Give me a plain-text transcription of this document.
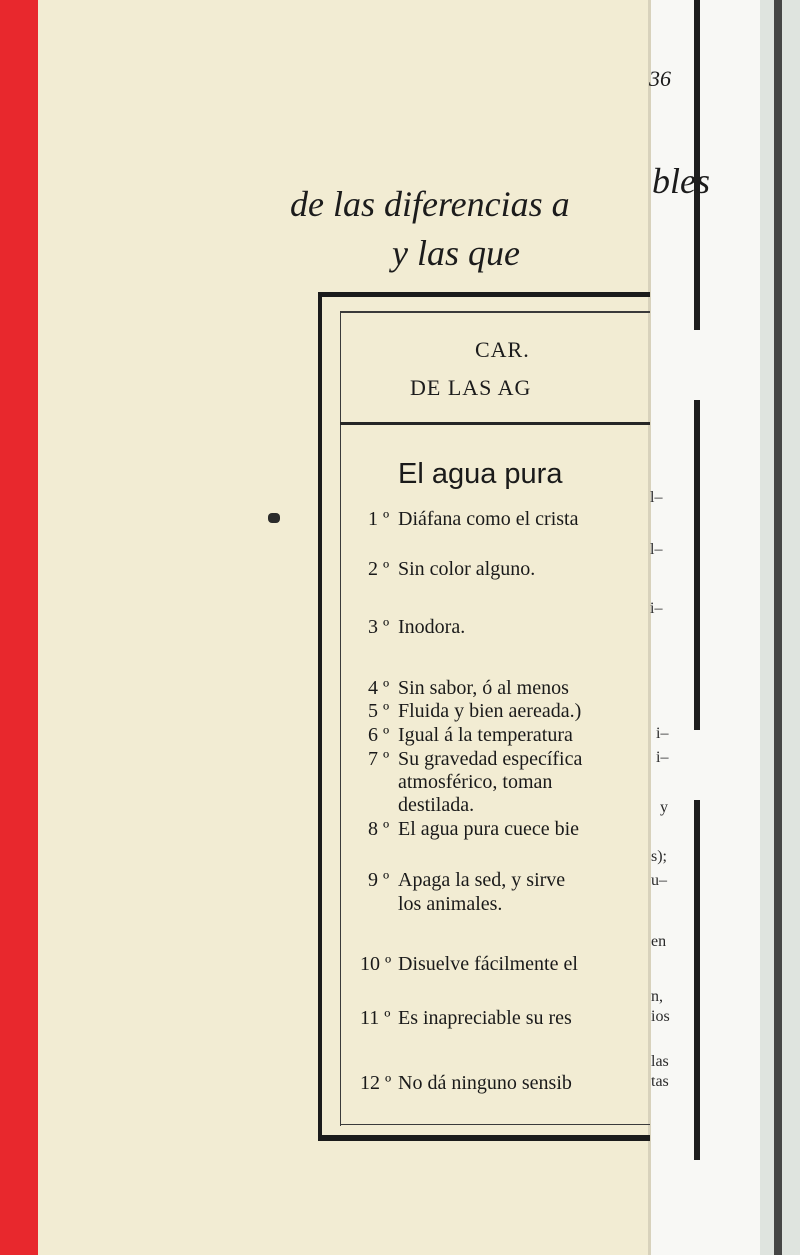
36
de las diferencias a
bles
y las que
CAR.
DE LAS AG
El agua pura
1 º Diáfana como el crista
2 º Sin color alguno.
3 º Inodora.
4 º Sin sabor, ó al menos
5 º Fluida y bien aereada.)
6 º Igual á la temperatura
7 º Su gravedad específica
atmosférico, toman
destilada.
8 º El agua pura cuece bie
9 º Apaga la sed, y sirve
los animales.
10 º Disuelve fácilmente el
11 º Es inapreciable su res
12 º No dá ninguno sensib
l–
l–
i–
i–
i–
y
s);
u–
en
n,
ios
las
tas
